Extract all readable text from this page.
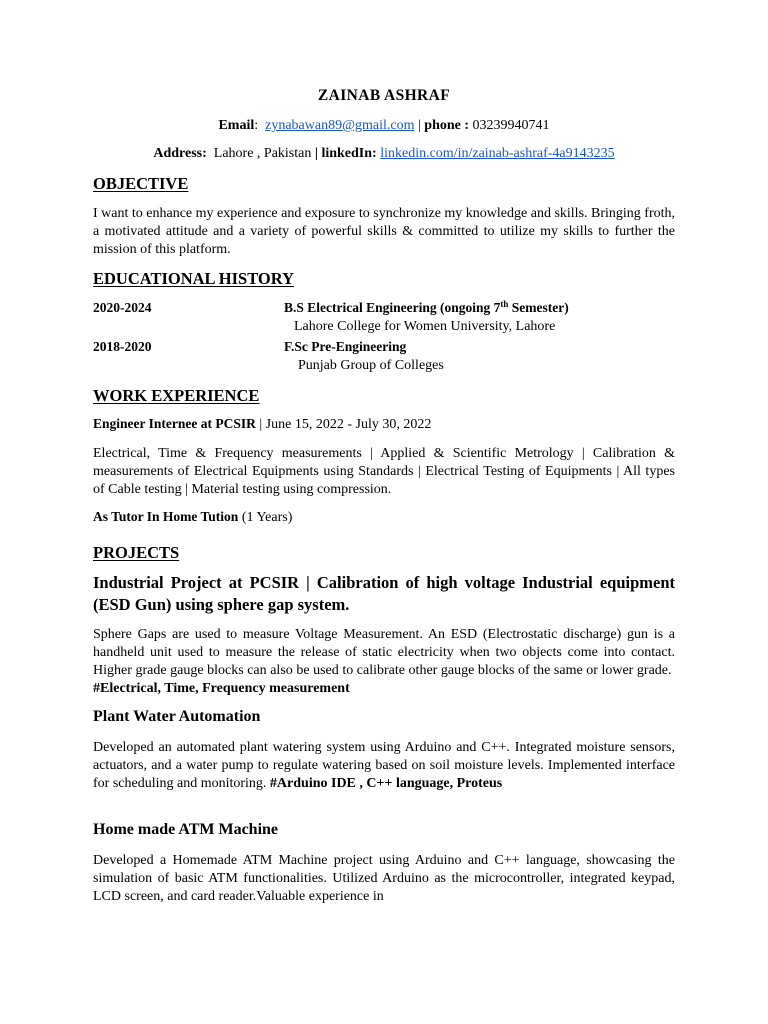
ZAINAB ASHRAF
Email:  zynabawan89@gmail.com | phone : 03239940741
Address: Lahore , Pakistan | linkedIn: linkedin.com/in/zainab-ashraf-4a9143235
OBJECTIVE
I want to enhance my experience and exposure to synchronize my knowledge and skills. Bringing froth, a motivated attitude and a variety of powerful skills & committed to utilize my skills to further the mission of this platform.
EDUCATIONAL HISTORY
2020-2024	B.S Electrical Engineering (ongoing 7th Semester)
Lahore College for Women University, Lahore
2018-2020	F.Sc Pre-Engineering
Punjab Group of Colleges
WORK EXPERIENCE
Engineer Internee at PCSIR | June 15, 2022 - July 30, 2022
Electrical, Time & Frequency measurements | Applied & Scientific Metrology | Calibration & measurements of Electrical Equipments using Standards | Electrical Testing of Equipments | All types of Cable testing | Material testing using compression.
As Tutor In Home Tution (1 Years)
PROJECTS
Industrial Project at PCSIR | Calibration of high voltage Industrial equipment (ESD Gun) using sphere gap system.
Sphere Gaps are used to measure Voltage Measurement. An ESD (Electrostatic discharge) gun is a handheld unit used to measure the release of static electricity when two objects come into contact. Higher grade gauge blocks can also be used to calibrate other gauge blocks of the same or lower grade.  #Electrical, Time, Frequency measurement
Plant Water Automation
Developed an automated plant watering system using Arduino and C++. Integrated moisture sensors, actuators, and a water pump to regulate watering based on soil moisture levels. Implemented interface for scheduling and monitoring. #Arduino IDE , C++ language, Proteus
Home made ATM Machine
Developed a Homemade ATM Machine project using Arduino and C++ language, showcasing the simulation of basic ATM functionalities. Utilized Arduino as the microcontroller, integrated keypad, LCD screen, and card reader.Valuable experience in
